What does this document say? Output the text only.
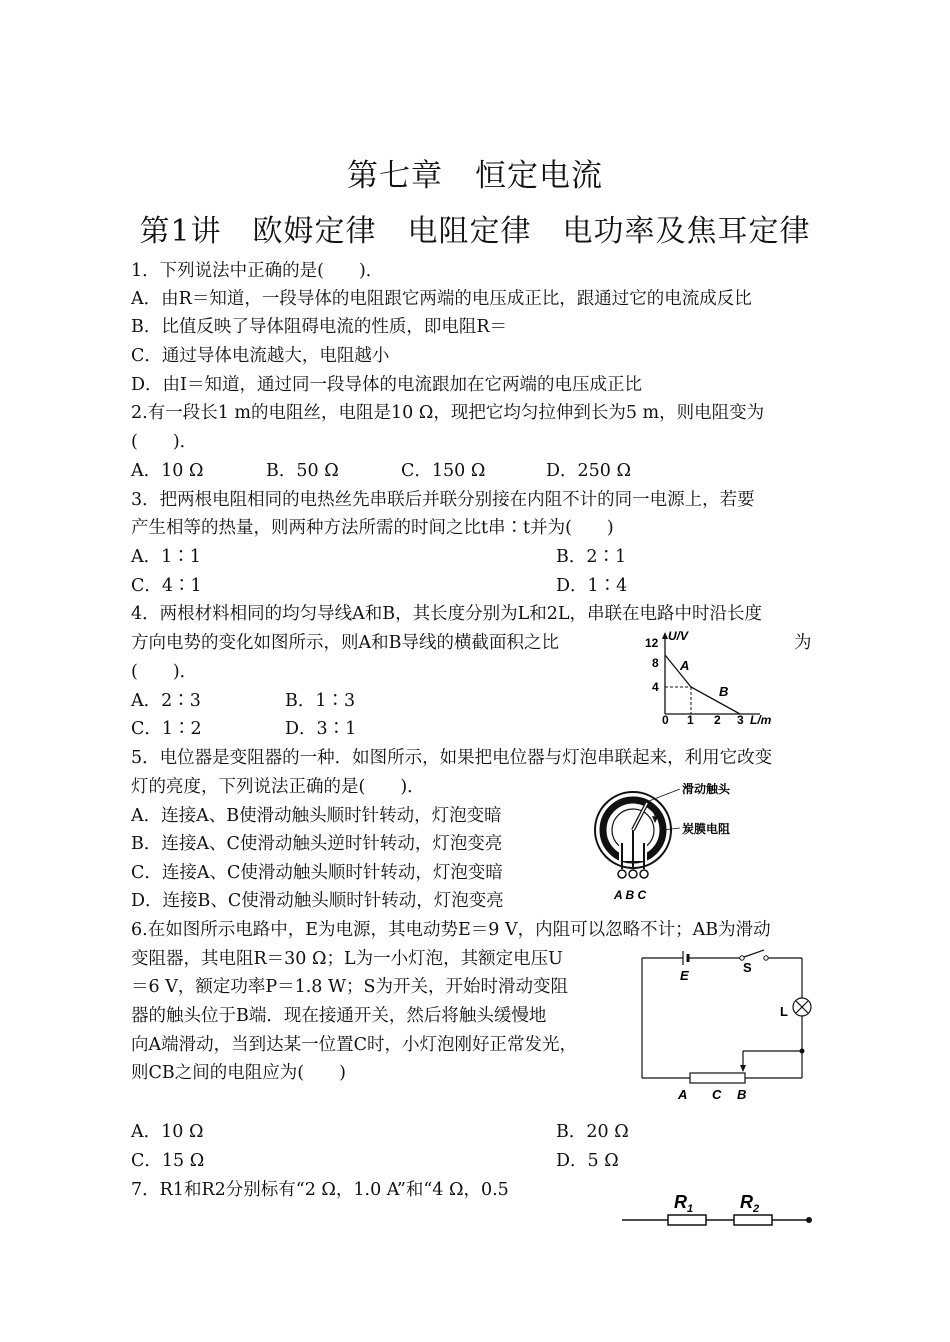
第七章　恒定电流
第1讲　欧姆定律　电阻定律　电功率及焦耳定律
1．下列说法中正确的是(　　)．
A．由R＝知道，一段导体的电阻跟它两端的电压成正比，跟通过它的电流成反比
B．比值反映了导体阻碍电流的性质，即电阻R＝
C．通过导体电流越大，电阻越小
D．由I＝知道，通过同一段导体的电流跟加在它两端的电压成正比
2.有一段长1 m的电阻丝，电阻是10 Ω，现把它均匀拉伸到长为5 m，则电阻变为
(　　)．
A．10 Ω	B．50 Ω	C．150 Ω	D．250 Ω
3．把两根电阻相同的电热丝先串联后并联分别接在内阻不计的同一电源上，若要
产生相等的热量，则两种方法所需的时间之比t串∶t并为(　　)
A．1∶1	B．2∶1
C．4∶1	D．1∶4
4．两根材料相同的均匀导线A和B，其长度分别为L和2L，串联在电路中时沿长度
方向电势的变化如图所示，则A和B导线的横截面积之比	为
(　　)．
A．2∶3	B．1∶3
C．1∶2	D．3∶1
U/V
12
8
4
0 1 2 3 L/m
A
B
5．电位器是变阻器的一种．如图所示，如果把电位器与灯泡串联起来，利用它改变
灯的亮度，下列说法正确的是(　　)．
A．连接A、B使滑动触头顺时针转动，灯泡变暗
B．连接A、C使滑动触头逆时针转动，灯泡变亮
C．连接A、C使滑动触头顺时针转动，灯泡变暗
D．连接B、C使滑动触头顺时针转动，灯泡变亮	A B C
滑动触头
炭膜电阻
6.在如图所示电路中，E为电源，其电动势E＝9 V，内阻可以忽略不计；AB为滑动
变阻器，其电阻R＝30 Ω；L为一小灯泡，其额定电压U
＝6 V，额定功率P＝1.8 W；S为开关，开始时滑动变阻
器的触头位于B端．现在接通开关，然后将触头缓慢地
向A端滑动，当到达某一位置C时，小灯泡刚好正常发光，
则CB之间的电阻应为(　　)
A．10 Ω	B．20 Ω
C．15 Ω	D．5 Ω
E
S
L
A C B
7．R1和R2分别标有“2 Ω，1.0 A”和“4 Ω，0.5
$R_1$	$R_2$
